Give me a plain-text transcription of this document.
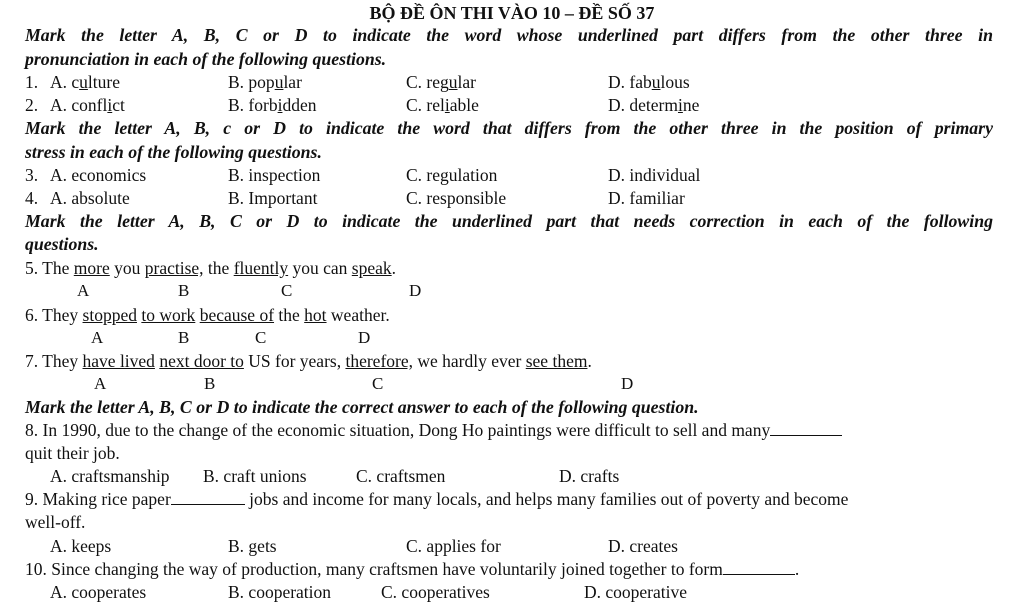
BỘ ĐỀ ÔN THI VÀO 10 – ĐỀ SỐ 37
Mark the letter A, B, C or D to indicate the word whose underlined part differs from the other three in
pronunciation in each of the following questions.
1. A. culture	B. popular	C. regular	D. fabulous
2. A. conflict	B. forbidden	C. reliable	D. determine
Mark the letter A, B, c or D to indicate the word that differs from the other three in the position of primary
stress in each of the following questions.
3. A. economics	B. inspection	C. regulation	D. individual
4. A. absolute	B. Important	C. responsible	D. familiar
Mark the letter A, B, C or D to indicate the underlined part that needs correction in each of the following
questions.
5. The more you practise, the fluently you can speak.
A	B	C	D
6. They stopped to work because of the hot weather.
A	B	C	D
7. They have lived next door to US for years, therefore, we hardly ever see them.
A	B	C	D
Mark the letter A, B, C or D to indicate the correct answer to each of the following question.
8. In 1990, due to the change of the economic situation, Dong Ho paintings were difficult to sell and many
quit their job.
A. craftsmanship B. craft unions	C. craftsmen	D. crafts
9. Making rice paper	jobs and income for many locals, and helps many families out of poverty and become
well-off.
A. keeps	B. gets	C. applies for	D. creates
10. Since changing the way of production, many craftsmen have voluntarily joined together to form	.
A. cooperates	B. cooperation	C. cooperatives	D. cooperative
